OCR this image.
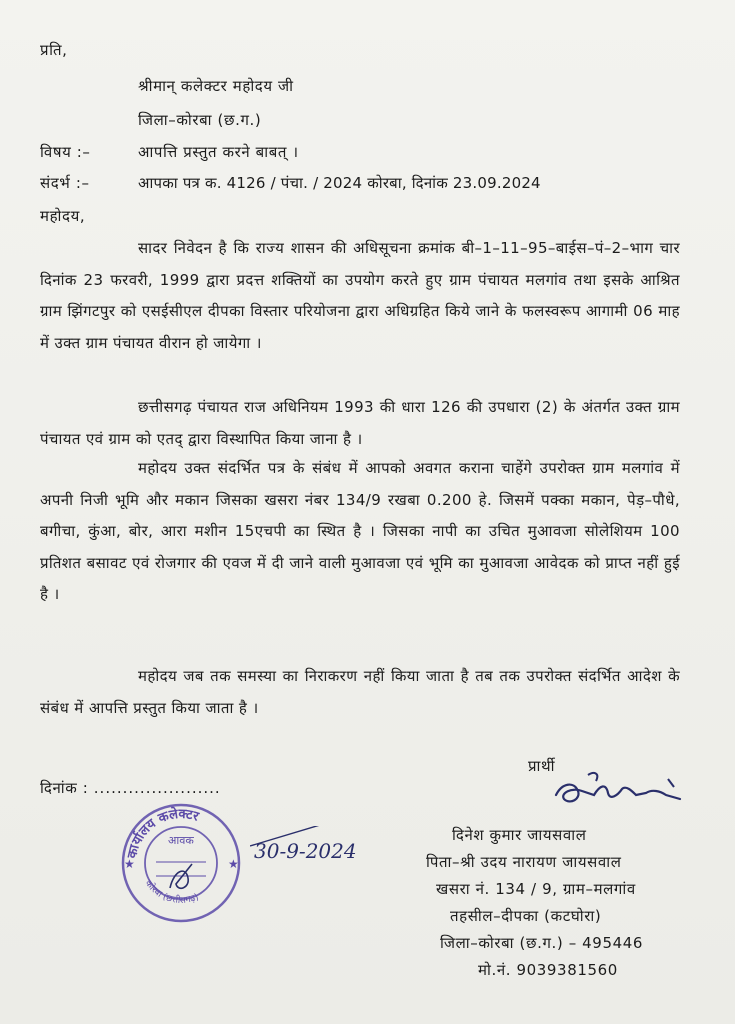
प्रति,
श्रीमान् कलेक्टर महोदय जी
जिला–कोरबा (छ.ग.)
विषय :–	आपत्ति प्रस्तुत करने बाबत् ।
संदर्भ :–	आपका पत्र क. 4126 / पंचा. / 2024 कोरबा, दिनांक 23.09.2024
महोदय,
सादर निवेदन है कि राज्य शासन की अधिसूचना क्रमांक बी–1–11–95–बाईस–पं–2–भाग चार दिनांक 23 फरवरी, 1999 द्वारा प्रदत्त शक्तियों का उपयोग करते हुए ग्राम पंचायत मलगांव तथा इसके आश्रित ग्राम झिंगटपुर को एसईसीएल दीपका विस्तार परियोजना द्वारा अधिग्रहित किये जाने के फलस्वरूप आगामी 06 माह में उक्त ग्राम पंचायत वीरान हो जायेगा ।
छत्तीसगढ़ पंचायत राज अधिनियम 1993 की धारा 126 की उपधारा (2) के अंतर्गत उक्त ग्राम पंचायत एवं ग्राम को एतद् द्वारा विस्थापित किया जाना है ।
महोदय उक्त संदर्भित पत्र के संबंध में आपको अवगत कराना चाहेंगे उपरोक्त ग्राम मलगांव में अपनी निजी भूमि और मकान जिसका खसरा नंबर 134/9 रखबा 0.200 हे. जिसमें पक्का मकान, पेड़–पौधे, बगीचा, कुंआ, बोर, आरा मशीन 15एचपी का स्थित है । जिसका नापी का उचित मुआवजा सोलेशियम 100 प्रतिशत बसावट एवं रोजगार की एवज में दी जाने वाली मुआवजा एवं भूमि का मुआवजा आवेदक को प्राप्त नहीं हुई है ।
महोदय जब तक समस्या का निराकरण नहीं किया जाता है तब तक उपरोक्त संदर्भित आदेश के संबंध में आपत्ति प्रस्तुत किया जाता है ।
दिनांक : ......................
प्रार्थी
कार्यालय कलेक्टर
कोरबा (छत्तीसगढ़)
आवक
★	★
30-9-2024
दिनेश कुमार जायसवाल
पिता–श्री उदय नारायण जायसवाल
खसरा नं. 134 / 9, ग्राम–मलगांव
तहसील–दीपका (कटघोरा)
जिला–कोरबा (छ.ग.) – 495446
मो.नं. 9039381560
